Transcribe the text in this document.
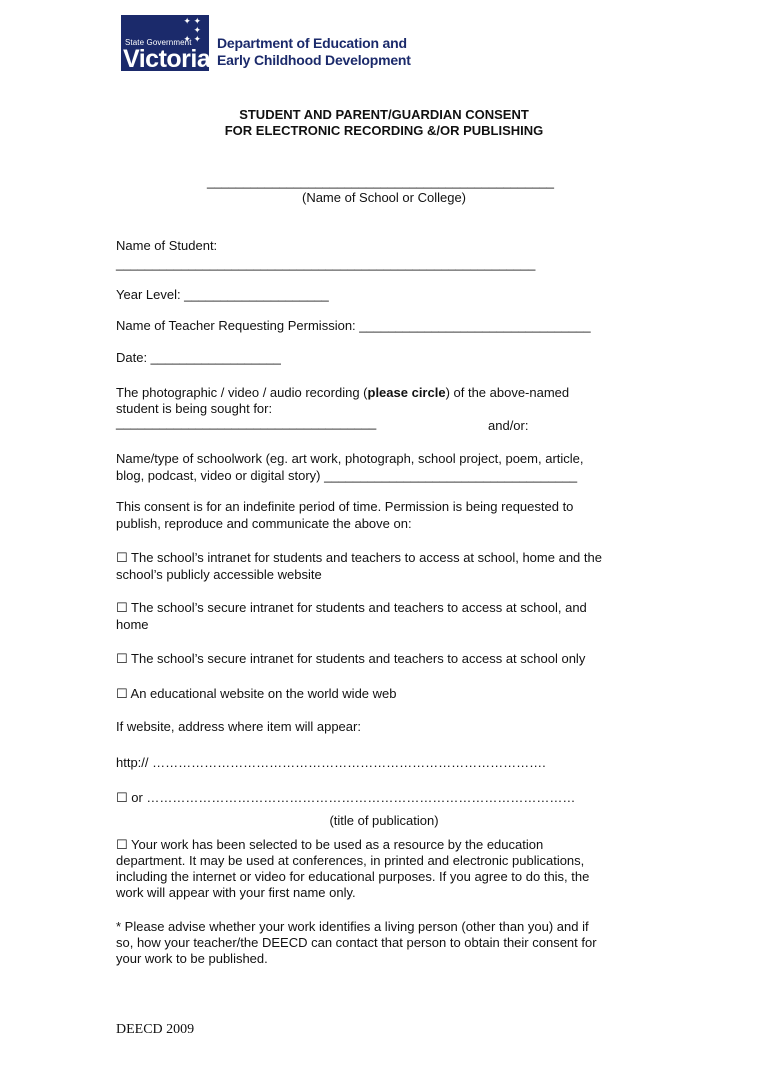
✦ ✦
✦
✦ ✦
State Government
Victoria
Department of Education and
Early Childhood Development
STUDENT AND PARENT/GUARDIAN CONSENT
FOR ELECTRONIC RECORDING &/OR PUBLISHING
________________________________________________
(Name of School or College)
Name of Student:
__________________________________________________________
Year Level: ____________________
Name of Teacher Requesting Permission: ________________________________
Date: __________________
The photographic / video / audio recording (please circle) of the above-named
student is being sought for:
____________________________________	and/or:
Name/type of schoolwork (eg. art work, photograph, school project, poem, article,
blog, podcast, video or digital story) ___________________________________
This consent is for an indefinite period of time. Permission is being requested to
publish, reproduce and communicate the above on:
☐ The school’s intranet for students and teachers to access at school, home and the
school’s publicly accessible website
☐ The school’s secure intranet for students and teachers to access at school, and
home
☐ The school’s secure intranet for students and teachers to access at school only
☐ An educational website on the world wide web
If website, address where item will appear:
http:// ……………………………………………………………………………….
☐ or ………………………………………………………………………………………
(title of publication)
☐ Your work has been selected to be used as a resource by the education
department. It may be used at conferences, in printed and electronic publications,
including the internet or video for educational purposes. If you agree to do this, the
work will appear with your first name only.
* Please advise whether your work identifies a living person (other than you) and if
so, how your teacher/the DEECD can contact that person to obtain their consent for
your work to be published.
DEECD 2009
